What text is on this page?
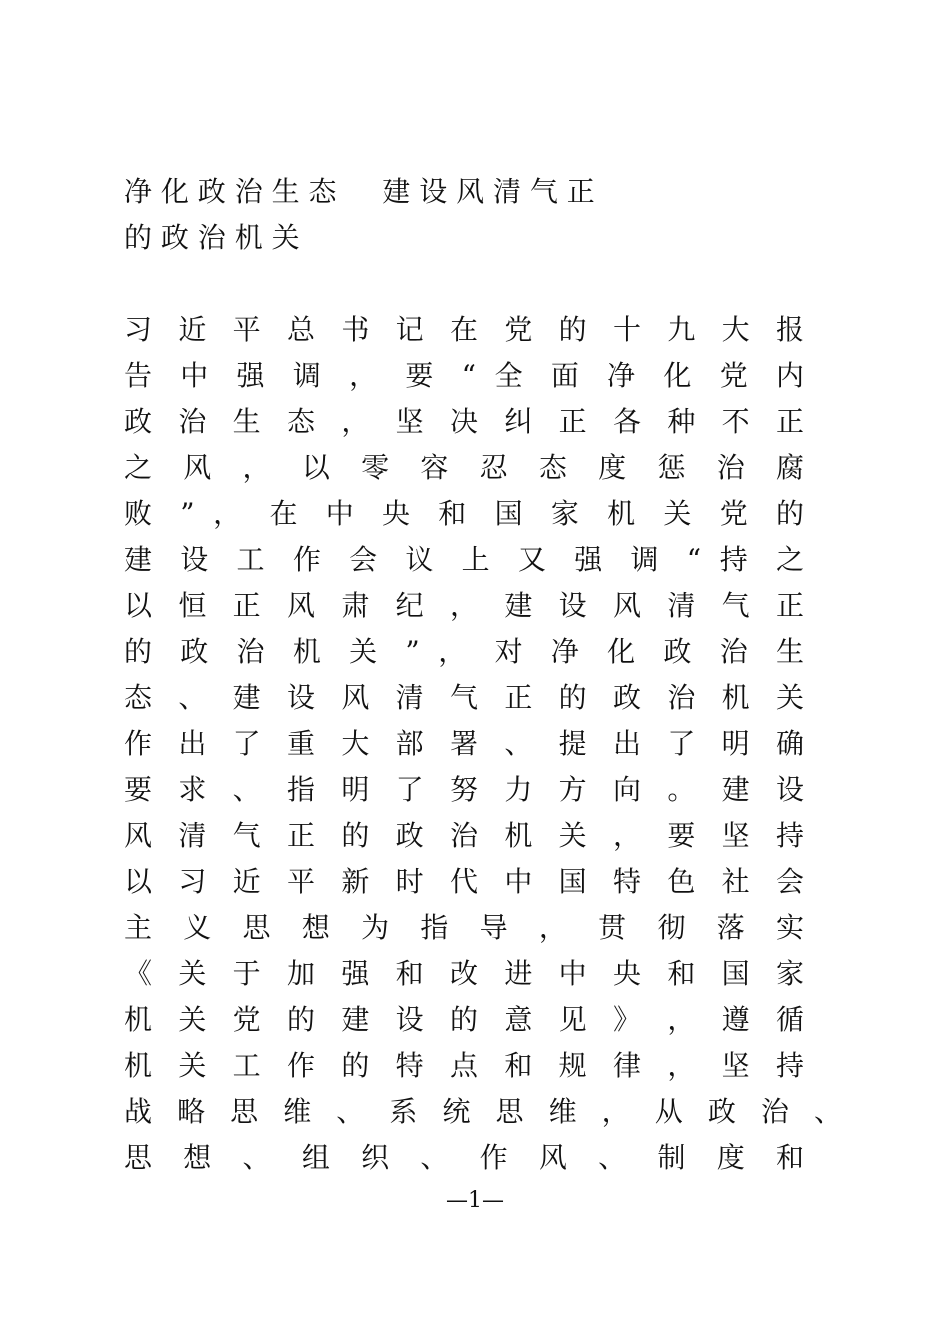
净 化 政 治 生 态 　 建 设 风 清 气 正
的 政 治 机 关
习 近 平 总 书 记 在 党 的 十 九 大 报
告 中 强 调 ， 要 “ 全 面 净 化 党 内
政 治 生 态 ， 坚 决 纠 正 各 种 不 正
之 风 ， 以 零 容 忍 态 度 惩 治 腐
败 ” ， 在 中 央 和 国 家 机 关 党 的
建 设 工 作 会 议 上 又 强 调 “ 持 之
以 恒 正 风 肃 纪 ， 建 设 风 清 气 正
的 政 治 机 关 ” ， 对 净 化 政 治 生
态 、 建 设 风 清 气 正 的 政 治 机 关
作 出 了 重 大 部 署 、 提 出 了 明 确
要 求 、 指 明 了 努 力 方 向 。 建 设
风 清 气 正 的 政 治 机 关 ， 要 坚 持
以 习 近 平 新 时 代 中 国 特 色 社 会
主 义 思 想 为 指 导 ， 贯 彻 落 实
《 关 于 加 强 和 改 进 中 央 和 国 家
机 关 党 的 建 设 的 意 见 》 ， 遵 循
机 关 工 作 的 特 点 和 规 律 ， 坚 持
战 略 思 维 、 系 统 思 维 ， 从 政 治 、
思 想 、 组 织 、 作 风 、 制 度 和
—1—
